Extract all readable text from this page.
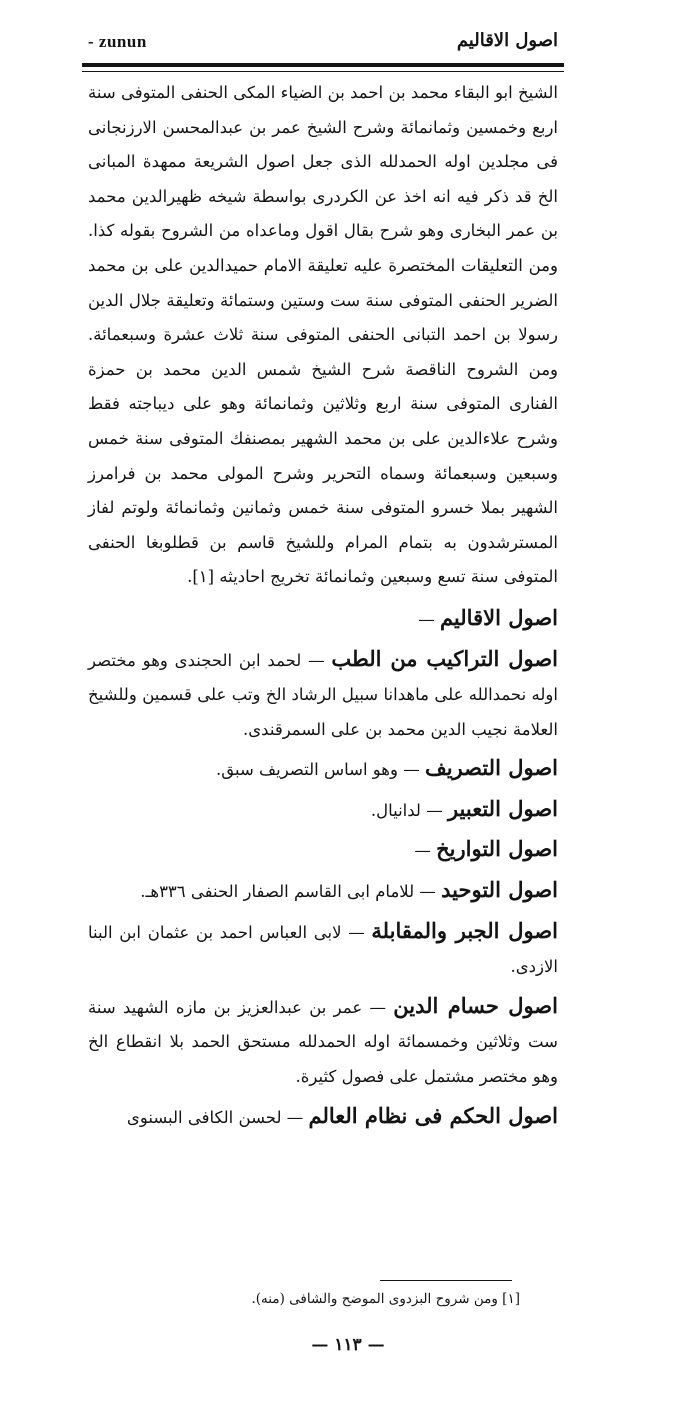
- zunun	اصول الاقاليم

الشيخ ابو البقاء محمد بن احمد بن الضياء المكى الحنفى المتوفى سنة اربع وخمسين وثمانمائة وشرح الشيخ عمر بن عبدالمحسن الارزنجانى فى مجلدين اوله الحمدلله الذى جعل اصول الشريعة ممهدة المبانى الخ قد ذكر فيه انه اخذ عن الكردرى بواسطة شيخه ظهيرالدين محمد بن عمر البخارى وهو شرح بقال اقول وماعداه من الشروح بقوله كذا. ومن التعليقات المختصرة عليه تعليقة الامام حميدالدين على بن محمد الضرير الحنفى المتوفى سنة ست وستين وستمائة وتعليقة جلال الدين رسولا بن احمد التبانى الحنفى المتوفى سنة ثلاث عشرة وسبعمائة. ومن الشروح الناقصة شرح الشيخ شمس الدين محمد بن حمزة الفنارى المتوفى سنة اربع وثلاثين وثمانمائة وهو على ديباجته فقط وشرح علاءالدين على بن محمد الشهير بمصنفك المتوفى سنة خمس وسبعين وسبعمائة وسماه التحرير وشرح المولى محمد بن فرامرز الشهير بملا خسرو المتوفى سنة خمس وثمانين وثمانمائة ولوتم لفاز المسترشدون به بتمام المرام وللشيخ قاسم بن قطلوبغا الحنفى المتوفى سنة تسع وسبعين وثمانمائة تخريج احاديثه [١].

اصول الاقاليم —

اصول التراكيب من الطب — لحمد ابن الحجندى وهو مختصر اوله نحمدالله على ماهدانا سبيل الرشاد الخ وتب على قسمين وللشيخ العلامة نجيب الدين محمد بن على السمرقندى.

اصول التصريف — وهو اساس التصريف سبق.

اصول التعبير — لدانيال.

اصول التواريخ —

اصول التوحيد — للامام ابى القاسم الصفار الحنفى ٣٣٦هـ.

اصول الجبر والمقابلة — لابى العباس احمد بن عثمان ابن البنا الازدى.

اصول حسام الدين — عمر بن عبدالعزيز بن مازه الشهيد سنة ست وثلاثين وخمسمائة اوله الحمدلله مستحق الحمد بلا انقطاع الخ وهو مختصر مشتمل على فصول كثيرة.

اصول الحكم فى نظام العالم — لحسن الكافى البسنوى

[١] ومن شروح البزدوى الموضح والشافى (منه).
— ١١٣ —
